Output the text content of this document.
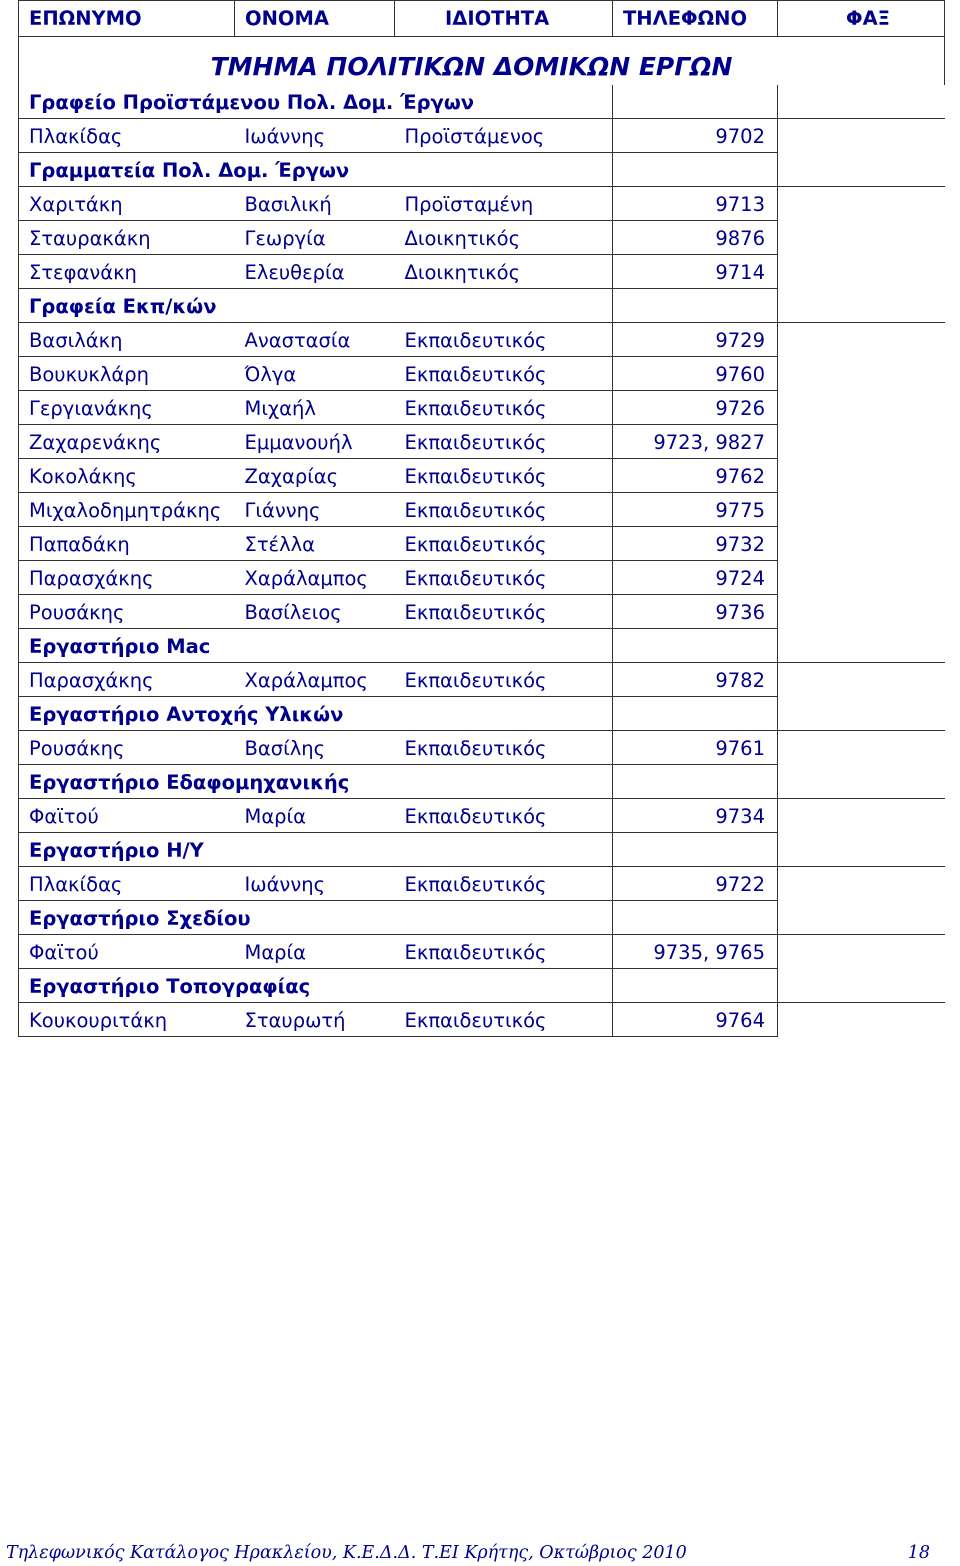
ΕΠΩΝΥΜΟ	ΟΝΟΜΑ	ΙΔΙΟΤΗΤΑ	ΤΗΛΕΦΩΝΟ	ΦΑΞ
ΤΜΗΜΑ ΠΟΛΙΤΙΚΩΝ ΔΟΜΙΚΩΝ ΕΡΓΩΝ				
Γραφείο Προϊστάμενου Πολ. Δομ. Έργων				
Πλακίδας	Ιωάννης	Προϊστάμενος	9702	
Γραμματεία Πολ. Δομ. Έργων				
Χαριτάκη	Βασιλική	Προϊσταμένη	9713	
Σταυρακάκη	Γεωργία	Διοικητικός	9876	
Στεφανάκη	Ελευθερία	Διοικητικός	9714	
Γραφεία Εκπ/κών				
Βασιλάκη	Αναστασία	Εκπαιδευτικός	9729	
Βουκυκλάρη	Όλγα	Εκπαιδευτικός	9760	
Γεργιανάκης	Μιχαήλ	Εκπαιδευτικός	9726	
Ζαχαρενάκης	Εμμανουήλ	Εκπαιδευτικός	9723, 9827	
Κοκολάκης	Ζαχαρίας	Εκπαιδευτικός	9762	
Μιχαλοδημητράκης	Γιάννης	Εκπαιδευτικός	9775	
Παπαδάκη	Στέλλα	Εκπαιδευτικός	9732	
Παρασχάκης	Χαράλαμπος	Εκπαιδευτικός	9724	
Ρουσάκης	Βασίλειος	Εκπαιδευτικός	9736	
Εργαστήριο Mac				
Παρασχάκης	Χαράλαμπος	Εκπαιδευτικός	9782	
Εργαστήριο Αντοχής Υλικών				
Ρουσάκης	Βασίλης	Εκπαιδευτικός	9761	
Εργαστήριο Εδαφομηχανικής				
Φαϊτού	Μαρία	Εκπαιδευτικός	9734	
Εργαστήριο Η/Υ				
Πλακίδας	Ιωάννης	Εκπαιδευτικός	9722	
Εργαστήριο Σχεδίου				
Φαϊτού	Μαρία	Εκπαιδευτικός	9735, 9765	
Εργαστήριο Τοπογραφίας				
Κουκουριτάκη	Σταυρωτή	Εκπαιδευτικός	9764	
Τηλεφωνικός Κατάλογος Ηρακλείου, Κ.Ε.Δ.Δ. Τ.ΕΙ Κρήτης, Οκτώβριος 2010	18
